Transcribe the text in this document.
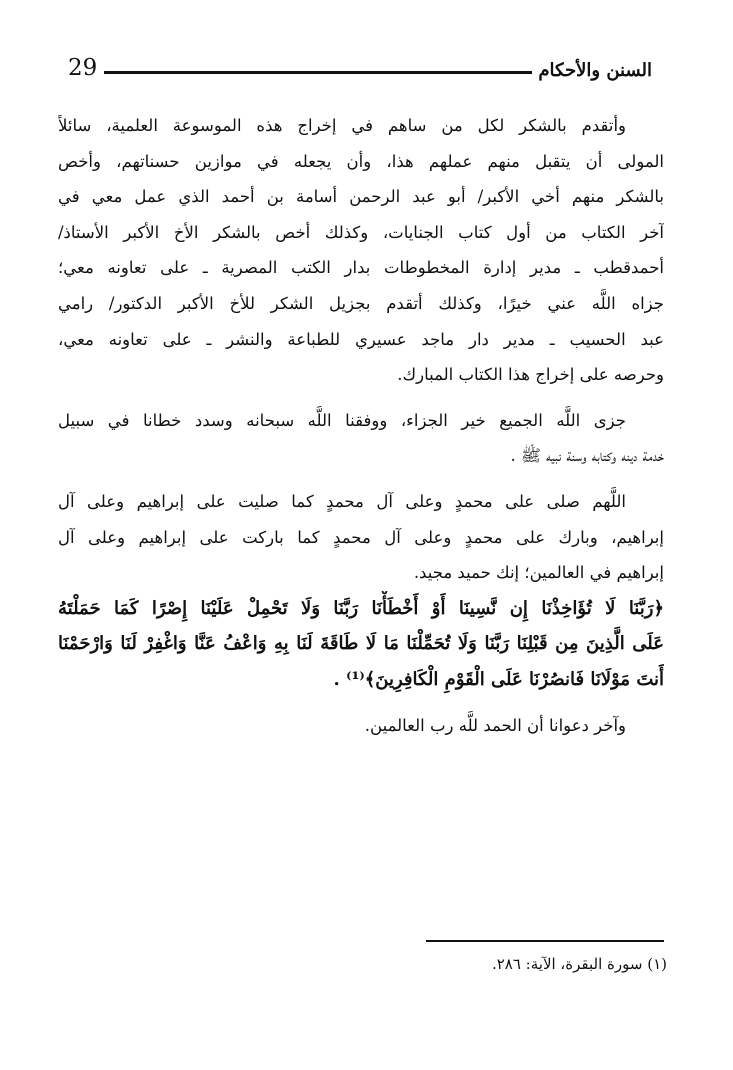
29	السنن والأحكام
وأتقدم بالشكر لكل من ساهم في إخراج هذه الموسوعة العلمية، سائلاً
المولى أن يتقبل منهم عملهم هذا، وأن يجعله في موازين حسناتهم، وأخص
بالشكر منهم أخي الأكبر/ أبو عبد الرحمن أسامة بن أحمد الذي عمل معي في
آخر الكتاب من أول كتاب الجنايات، وكذلك أخص بالشكر الأخ الأكبر الأستاذ/
أحمدقطب ـ مدير إدارة المخطوطات بدار الكتب المصرية ـ على تعاونه معي؛
جزاه اللَّه عني خيرًا، وكذلك أتقدم بجزيل الشكر للأخ الأكبر الدكتور/ رامي
عبد الحسيب ـ مدير دار ماجد عسيري للطباعة والنشر ـ على تعاونه معي،
وحرصه على إخراج هذا الكتاب المبارك.
جزى اللَّه الجميع خير الجزاء، ووفقنا اللَّه سبحانه وسدد خطانا في سبيل
خدمة دينه وكتابه وسنة نبيه ﷺ .
اللَّهم صلى على محمدٍ وعلى آل محمدٍ كما صليت على إبراهيم وعلى آل
إبراهيم، وبارك على محمدٍ وعلى آل محمدٍ كما باركت على إبراهيم وعلى آل
إبراهيم في العالمين؛ إنك حميد مجيد.
﴿رَبَّنَا لَا تُؤَاخِذْنَا إِن نَّسِينَا أَوْ أَخْطَأْنَا رَبَّنَا وَلَا تَحْمِلْ عَلَيْنَا إِصْرًا كَمَا حَمَلْتَهُ
عَلَى الَّذِينَ مِن قَبْلِنَا رَبَّنَا وَلَا تُحَمِّلْنَا مَا لَا طَاقَةَ لَنَا بِهِ وَاعْفُ عَنَّا وَاغْفِرْ لَنَا وَارْحَمْنَا
أَنتَ مَوْلَانَا فَانصُرْنَا عَلَى الْقَوْمِ الْكَافِرِينَ﴾⁽¹⁾ .
وآخر دعوانا أن الحمد للَّه رب العالمين.
(١) سورة البقرة، الآية: ٢٨٦.
